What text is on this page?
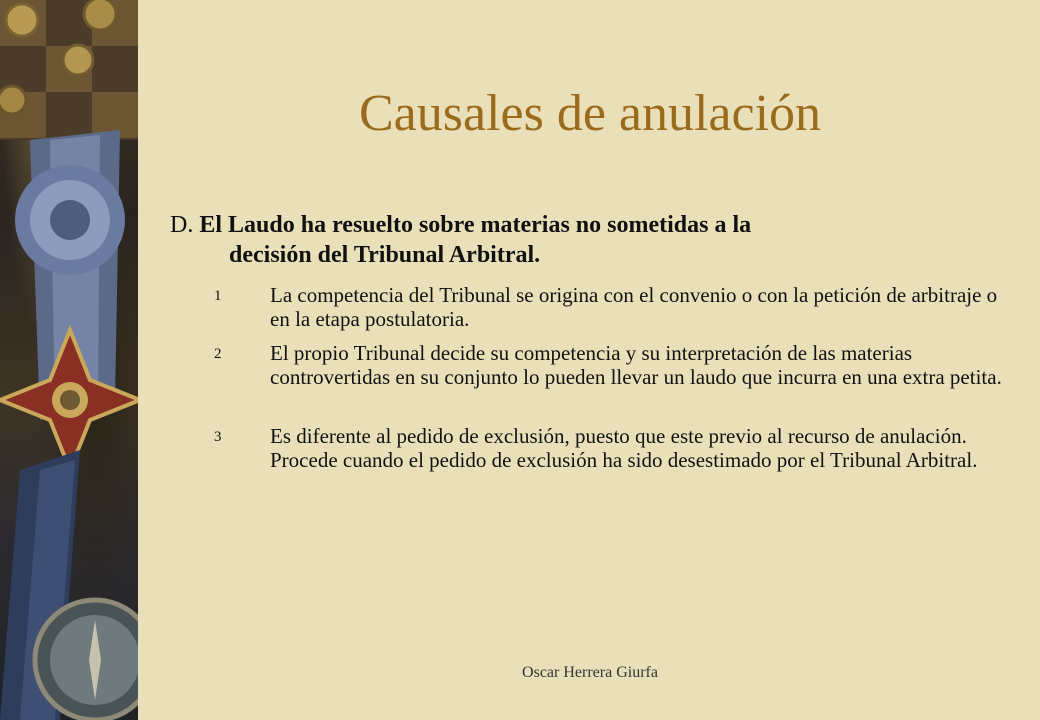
Causales de anulación
D. El Laudo ha resuelto sobre materias no sometidas a la
decisión del Tribunal Arbitral.
1 La competencia del Tribunal se origina con el convenio o con la petición de arbitraje o en la etapa postulatoria.
2 El propio Tribunal decide su competencia y su interpretación de las materias controvertidas en su conjunto lo pueden llevar un laudo que incurra en una extra petita.
3 Es diferente al pedido de exclusión, puesto que este previo al recurso de anulación. Procede cuando el pedido de exclusión ha sido desestimado por el Tribunal Arbitral.
Oscar Herrera Giurfa
